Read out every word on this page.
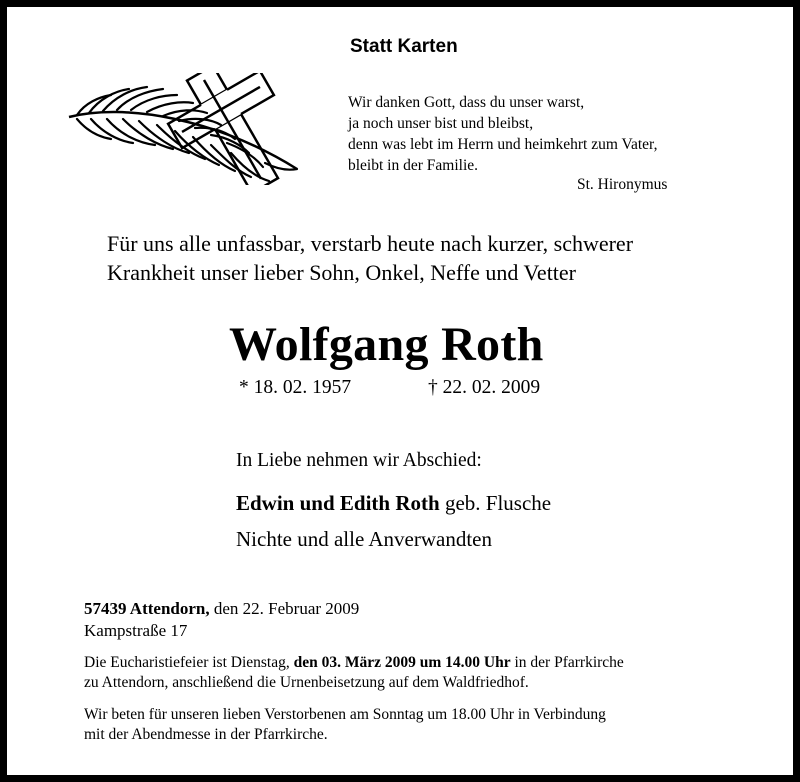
Statt Karten
Wir danken Gott, dass du unser warst,
ja noch unser bist und bleibst,
denn was lebt im Herrn und heimkehrt zum Vater,
bleibt in der Familie.
St. Hironymus
Für uns alle unfassbar, verstarb heute nach kurzer, schwerer
Krankheit unser lieber Sohn, Onkel, Neffe und Vetter
Wolfgang Roth
* 18. 02. 1957	† 22. 02. 2009
In Liebe nehmen wir Abschied:
Edwin und Edith Roth geb. Flusche
Nichte und alle Anverwandten
57439 Attendorn, den 22. Februar 2009
Kampstraße 17
Die Eucharistiefeier ist Dienstag, den 03. März 2009 um 14.00 Uhr in der Pfarrkirche
zu Attendorn, anschließend die Urnenbeisetzung auf dem Waldfriedhof.
Wir beten für unseren lieben Verstorbenen am Sonntag um 18.00 Uhr in Verbindung
mit der Abendmesse in der Pfarrkirche.
